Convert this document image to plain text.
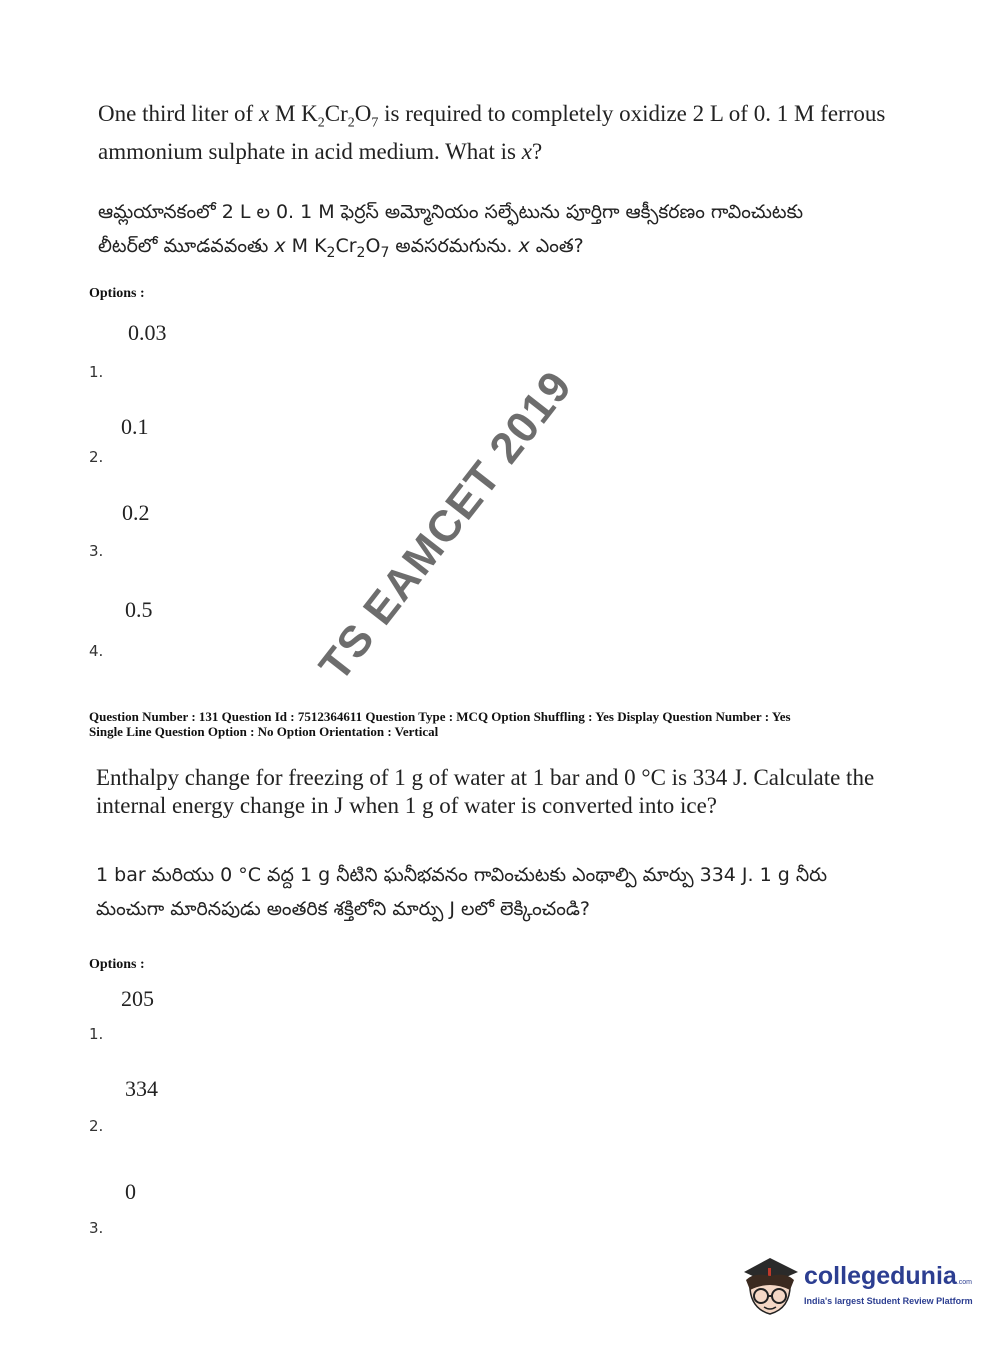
One third liter of x M $K_2Cr_2O_7$ is required to completely oxidize 2 L of 0. 1 M ferrous
ammonium sulphate in acid medium. What is x?
ఆమ్లయానకంలో 2 L ల 0. 1 M ఫెర్రస్ అమ్మోనియం సల్ఫేటును పూర్తిగా ఆక్సీకరణం గావించుటకు
లీటర్‌లో మూడవవంతు x M $K_2Cr_2O_7$ అవసరమగును. x ఎంత?
Options :
0.03
1.
0.1
2.
0.2
3.
0.5
4.
Question Number : 131 Question Id : 7512364611 Question Type : MCQ Option Shuffling : Yes Display Question Number : Yes
Single Line Question Option : No Option Orientation : Vertical
Enthalpy change for freezing of 1 g of water at 1 bar and 0 °C is 334 J. Calculate the
internal energy change in J when 1 g of water is converted into ice?
1 bar మరియు 0 °C వద్ద 1 g నీటిని ఘనీభవనం గావించుటకు ఎంథాల్పి మార్పు 334 J. 1 g నీరు
మంచుగా మారినపుడు అంతరిక శక్తిలోని మార్పు J లలో లెక్కించండి?
Options :
205
1.
334
2.
0
3.
TS EAMCET 2019
collegedunia.com
India's largest Student Review Platform
